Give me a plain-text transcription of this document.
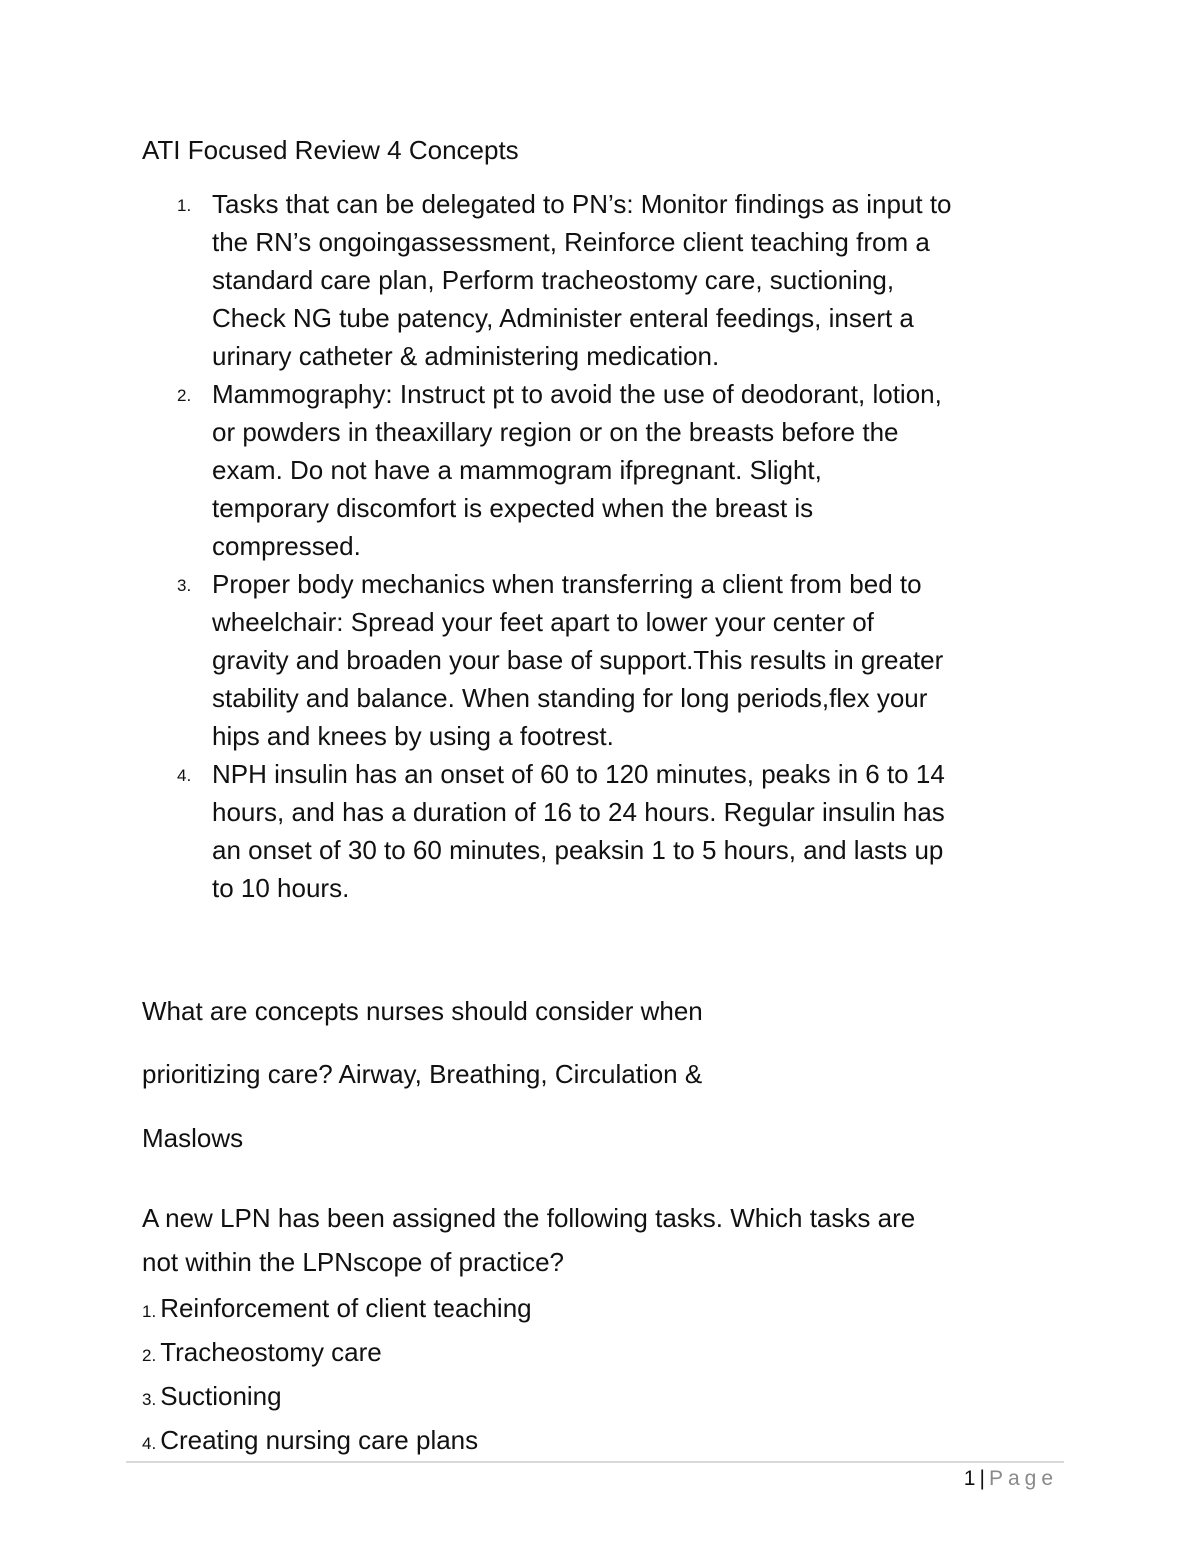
ATI Focused Review 4 Concepts
1. Tasks that can be delegated to PN’s: Monitor findings as input to
the RN’s ongoingassessment, Reinforce client teaching from a
standard care plan, Perform tracheostomy care, suctioning,
Check NG tube patency, Administer enteral feedings, insert a
urinary catheter & administering medication.
2. Mammography: Instruct pt to avoid the use of deodorant, lotion,
or powders in theaxillary region or on the breasts before the
exam. Do not have a mammogram ifpregnant. Slight,
temporary discomfort is expected when the breast is
compressed.
3. Proper body mechanics when transferring a client from bed to
wheelchair: Spread your feet apart to lower your center of
gravity and broaden your base of support.This results in greater
stability and balance. When standing for long periods,flex your
hips and knees by using a footrest.
4. NPH insulin has an onset of 60 to 120 minutes, peaks in 6 to 14
hours, and has a duration of 16 to 24 hours. Regular insulin has
an onset of 30 to 60 minutes, peaksin 1 to 5 hours, and lasts up
to 10 hours.
What are concepts nurses should consider when
prioritizing care? Airway, Breathing, Circulation &
Maslows
A new LPN has been assigned the following tasks. Which tasks are
not within the LPNscope of practice?
1. Reinforcement of client teaching
2. Tracheostomy care
3. Suctioning
4. Creating nursing care plans
1 | Page
